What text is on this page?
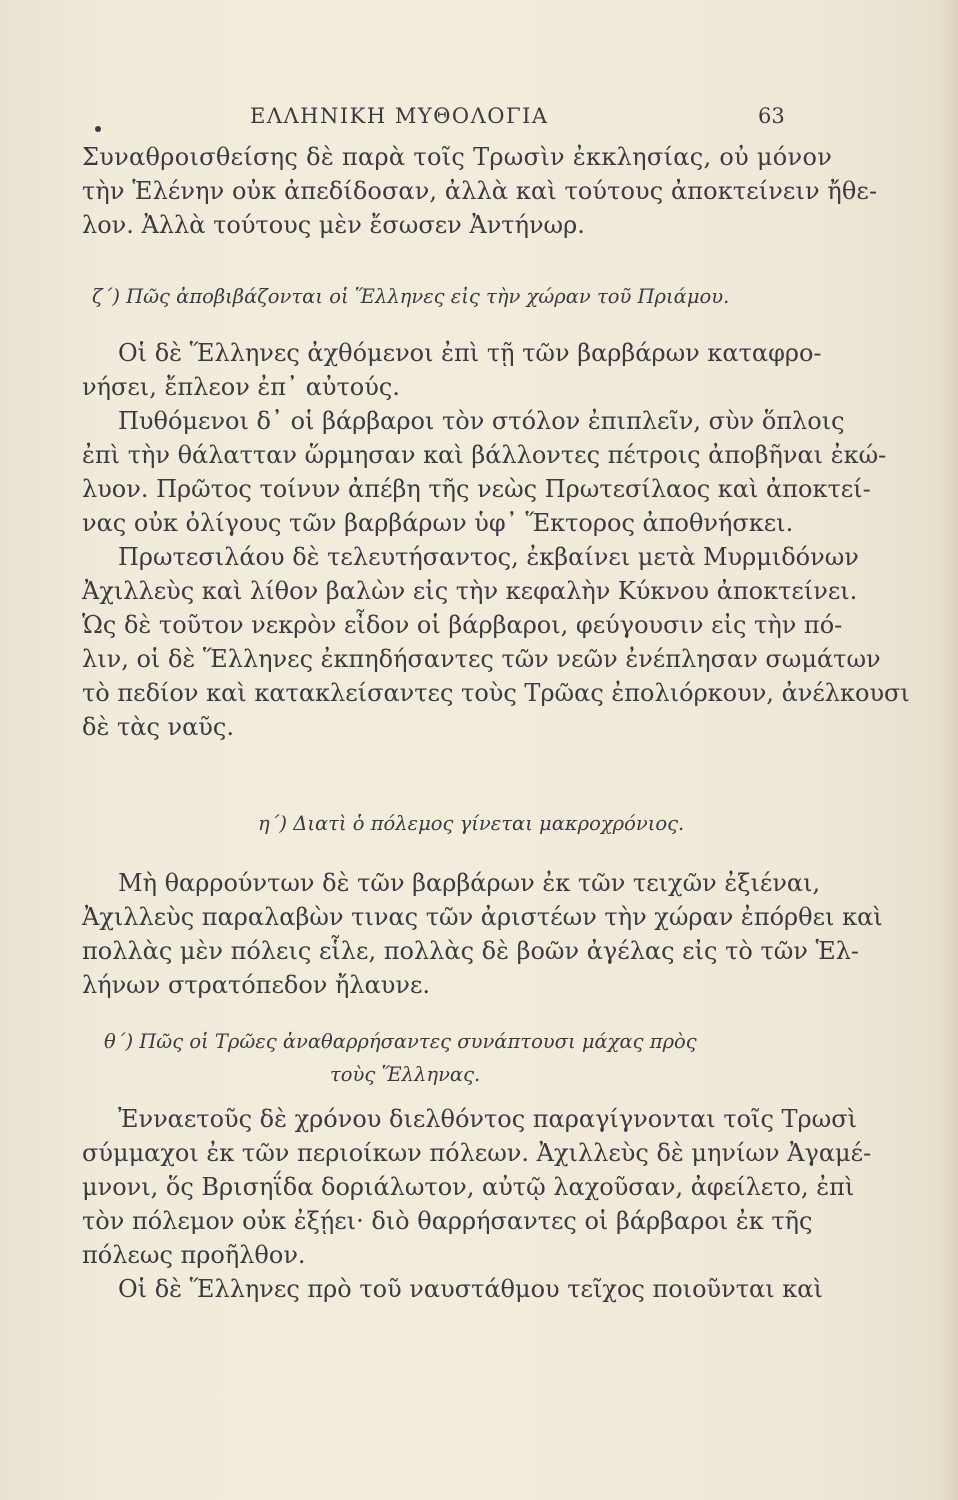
ΕΛΛΗΝΙΚΗ ΜΥΘΟΛΟΓΙΑ	63
Συναθροισθείσης δὲ παρὰ τοῖς Τρωσὶν ἐκκλησίας, οὐ μόνον
τὴν Ἑλένην οὐκ ἀπεδίδοσαν, ἀλλὰ καὶ τούτους ἀποκτείνειν ἤθε-
λον. Ἀλλὰ τούτους μὲν ἔσωσεν Ἀντήνωρ.
ζ΄) Πῶς ἀποβιβάζονται οἱ Ἕλληνες εἰς τὴν χώραν τοῦ Πριάμου.
Οἱ δὲ Ἕλληνες ἀχθόμενοι ἐπὶ τῇ τῶν βαρβάρων καταφρο-
νήσει, ἔπλεον ἐπ᾽ αὐτούς.
Πυθόμενοι δ᾽ οἱ βάρβαροι τὸν στόλον ἐπιπλεῖν, σὺν ὅπλοις
ἐπὶ τὴν θάλατταν ὥρμησαν καὶ βάλλοντες πέτροις ἀποβῆναι ἐκώ-
λυον. Πρῶτος τοίνυν ἀπέβη τῆς νεὼς Πρωτεσίλαος καὶ ἀποκτεί-
νας οὐκ ὀλίγους τῶν βαρβάρων ὑφ᾽ Ἕκτορος ἀποθνήσκει.
Πρωτεσιλάου δὲ τελευτήσαντος, ἐκβαίνει μετὰ Μυρμιδόνων
Ἀχιλλεὺς καὶ λίθον βαλὼν εἰς τὴν κεφαλὴν Κύκνου ἀποκτείνει.
Ὡς δὲ τοῦτον νεκρὸν εἶδον οἱ βάρβαροι, φεύγουσιν εἰς τὴν πό-
λιν, οἱ δὲ Ἕλληνες ἐκπηδήσαντες τῶν νεῶν ἐνέπλησαν σωμάτων
τὸ πεδίον καὶ κατακλείσαντες τοὺς Τρῶας ἐπολιόρκουν, ἀνέλκουσι
δὲ τὰς ναῦς.
η΄) Διατὶ ὁ πόλεμος γίνεται μακροχρόνιος.
Μὴ θαρρούντων δὲ τῶν βαρβάρων ἐκ τῶν τειχῶν ἐξιέναι,
Ἀχιλλεὺς παραλαβὼν τινας τῶν ἀριστέων τὴν χώραν ἐπόρθει καὶ
πολλὰς μὲν πόλεις εἷλε, πολλὰς δὲ βοῶν ἀγέλας εἰς τὸ τῶν Ἑλ-
λήνων στρατόπεδον ἤλαυνε.
θ΄) Πῶς οἱ Τρῶες ἀναθαρρήσαντες συνάπτουσι μάχας πρὸς
τοὺς Ἕλληνας.
Ἐνναετοῦς δὲ χρόνου διελθόντος παραγίγνονται τοῖς Τρωσὶ
σύμμαχοι ἐκ τῶν περιοίκων πόλεων. Ἀχιλλεὺς δὲ μηνίων Ἀγαμέ-
μνονι, ὅς Βρισηΐδα δοριάλωτον, αὐτῷ λαχοῦσαν, ἀφείλετο, ἐπὶ
τὸν πόλεμον οὐκ ἐξῄει· διὸ θαρρήσαντες οἱ βάρβαροι ἐκ τῆς
πόλεως προῆλθον.
Οἱ δὲ Ἕλληνες πρὸ τοῦ ναυστάθμου τεῖχος ποιοῦνται καὶ
